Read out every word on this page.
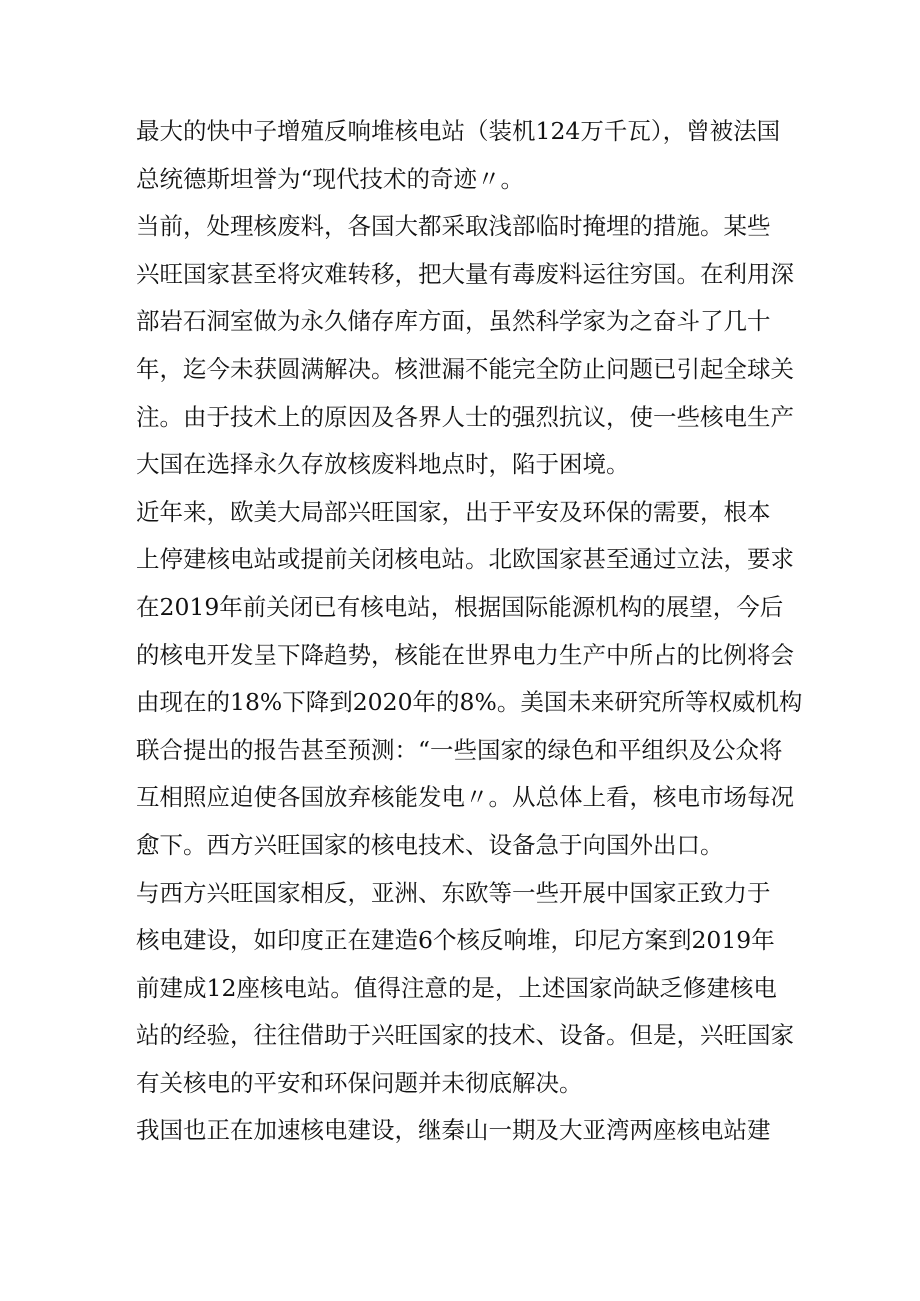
最大的快中子增殖反响堆核电站（装机124万千瓦），曾被法国
总统德斯坦誉为“现代技术的奇迹〃。
当前，处理核废料，各国大都采取浅部临时掩埋的措施。某些
兴旺国家甚至将灾难转移，把大量有毒废料运往穷国。在利用深
部岩石洞室做为永久储存库方面，虽然科学家为之奋斗了几十
年，迄今未获圆满解决。核泄漏不能完全防止问题已引起全球关
注。由于技术上的原因及各界人士的强烈抗议，使一些核电生产
大国在选择永久存放核废料地点时，陷于困境。
近年来，欧美大局部兴旺国家，出于平安及环保的需要，根本
上停建核电站或提前关闭核电站。北欧国家甚至通过立法，要求
在2019年前关闭已有核电站，根据国际能源机构的展望，今后
的核电开发呈下降趋势，核能在世界电力生产中所占的比例将会
由现在的18%下降到2020年的8%。美国未来研究所等权威机构
联合提出的报告甚至预测：“一些国家的绿色和平组织及公众将
互相照应迫使各国放弃核能发电〃。从总体上看，核电市场每况
愈下。西方兴旺国家的核电技术、设备急于向国外出口。
与西方兴旺国家相反，亚洲、东欧等一些开展中国家正致力于
核电建设，如印度正在建造6个核反响堆，印尼方案到2019年
前建成12座核电站。值得注意的是，上述国家尚缺乏修建核电
站的经验，往往借助于兴旺国家的技术、设备。但是，兴旺国家
有关核电的平安和环保问题并未彻底解决。
我国也正在加速核电建设，继秦山一期及大亚湾两座核电站建
